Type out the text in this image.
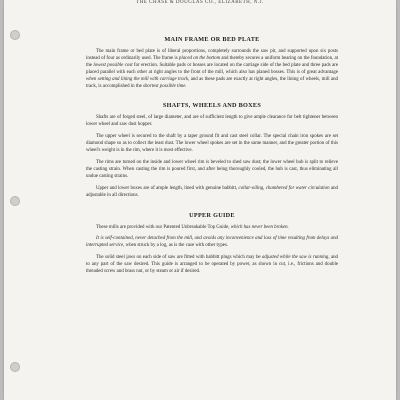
THE CHASE & DOUGLAS CO., ELIZABETH, N.J.
MAIN FRAME OR BED PLATE

The main frame or bed plate is of liberal proportions, completely surrounds the saw pit, and supported upon six posts instead of four as ordinarily used. The frame is placed on the bottom and thereby secures a uniform bearing on the foundation, at the lowest possible cost for erection. Suitable pads or bosses are located on the carriage side of the bed plate and three pads are placed parallel with each other at right angles to the front of the mill, which also has planed bosses. This is of great advantage when setting and lining the mill with carriage track, and as these pads are exactly at right angles, the lining of wheels, mill and track, is accomplished in the shortest possible time.

SHAFTS, WHEELS AND BOXES

Shafts are of forged steel, of large diameter, and are of sufficient length to give ample clearance for belt tightener between lower wheel and saw dust hopper.

The upper wheel is secured to the shaft by a taper ground fit and cast steel collar. The special chain iron spokes are set diamond shape so as to collect the least dust. The lower wheel spokes are set in the same manner, and the greater portion of this wheel's weight is in the rim, where it is most effective.

The rims are turned on the inside and lower wheel rim is beveled to shed saw dust; the lower wheel hub is split to relieve the casting strain. When casting the rim is poured first, and after being thoroughly cooled, the hub is cast, thus eliminating all undue casting strains.

Upper and lower boxes are of ample length, lined with genuine babbitt, collar-oiling, chambered for water circulation and adjustable in all directions.

UPPER GUIDE

These mills are provided with our Patented Unbreakable Top Guide, which has never been broken.

It is self-contained, never detached from the mill, and avoids any inconvenience and loss of time resulting from delays and interrupted service, when struck by a log, as is the case with other types.

The solid steel jaws on each side of saw are fitted with babbitt plugs which may be adjusted while the saw is running, and to any part of the saw desired. This guide is arranged to be operated by power, as shown in cut, i.e., frictions and double threaded screw and brass nut, or by steam or air if desired.
